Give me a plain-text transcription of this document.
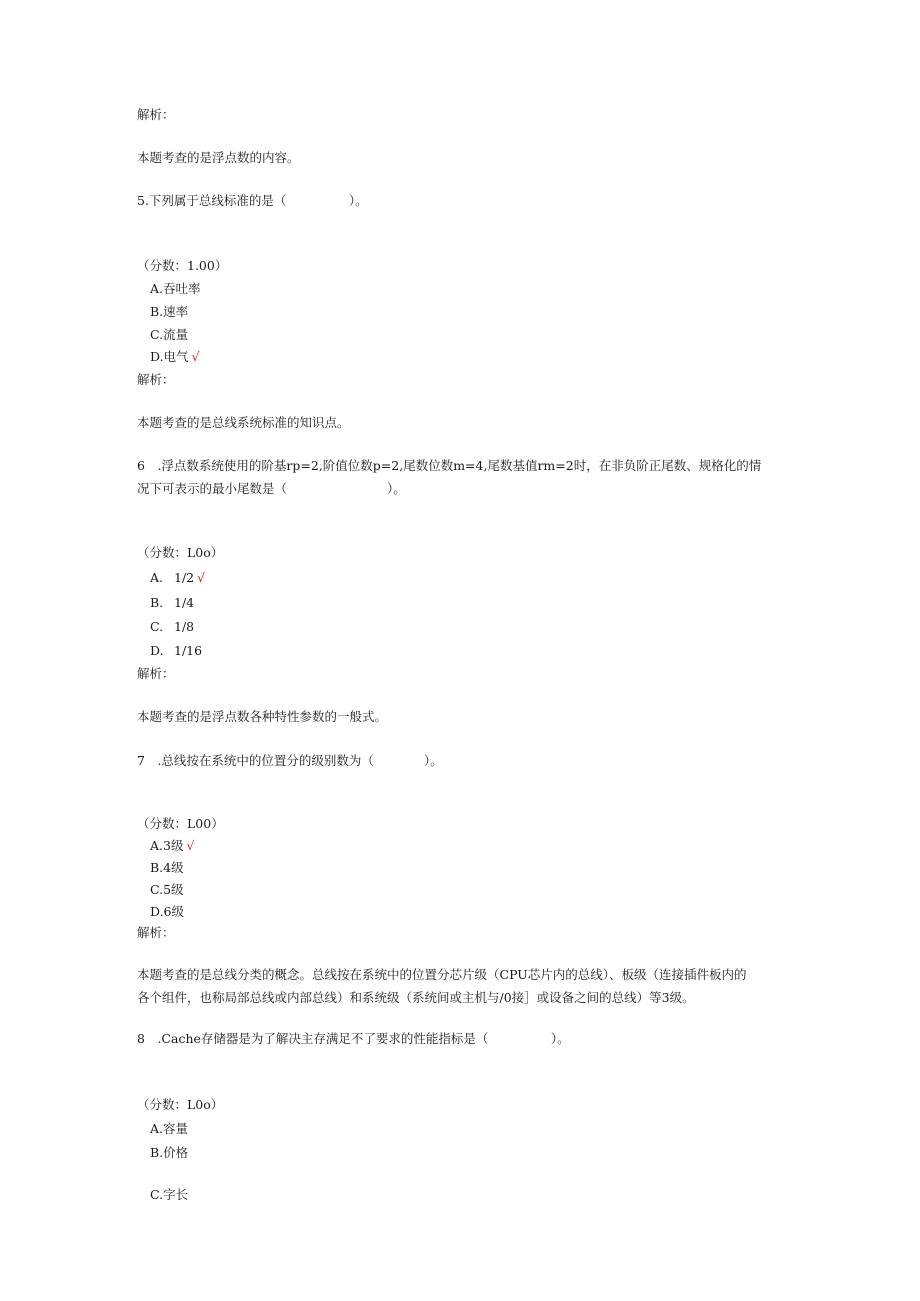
解析：
本题考查的是浮点数的内容。
5.下列属于总线标准的是（　　　　　）。
（分数：1.00）
A.吞吐率
B.速率
C.流量
D.电气 √
解析：
本题考查的是总线系统标准的知识点。
6　.浮点数系统使用的阶基rp=2,阶值位数p=2,尾数位数m=4,尾数基值rm=2时，在非负阶正尾数、规格化的情
况下可表示的最小尾数是（　　　　　　　　）。
（分数：L0o）
A. 1/2 √
B. 1/4
C. 1/8
D. 1/16
解析：
本题考查的是浮点数各种特性参数的一般式。
7　.总线按在系统中的位置分的级别数为（　　　　）。
（分数：L00）
A.3级 √
B.4级
C.5级
D.6级
解析：
本题考查的是总线分类的概念。总线按在系统中的位置分芯片级（CPU芯片内的总线）、板级（连接插件板内的
各个组件，也称局部总线或内部总线）和系统级（系统间或主机与/0接］或设备之间的总线）等3级。
8　.Cache存储器是为了解决主存满足不了要求的性能指标是（　　　　　）。
（分数：L0o）
A.容量
B.价格
C.字长
